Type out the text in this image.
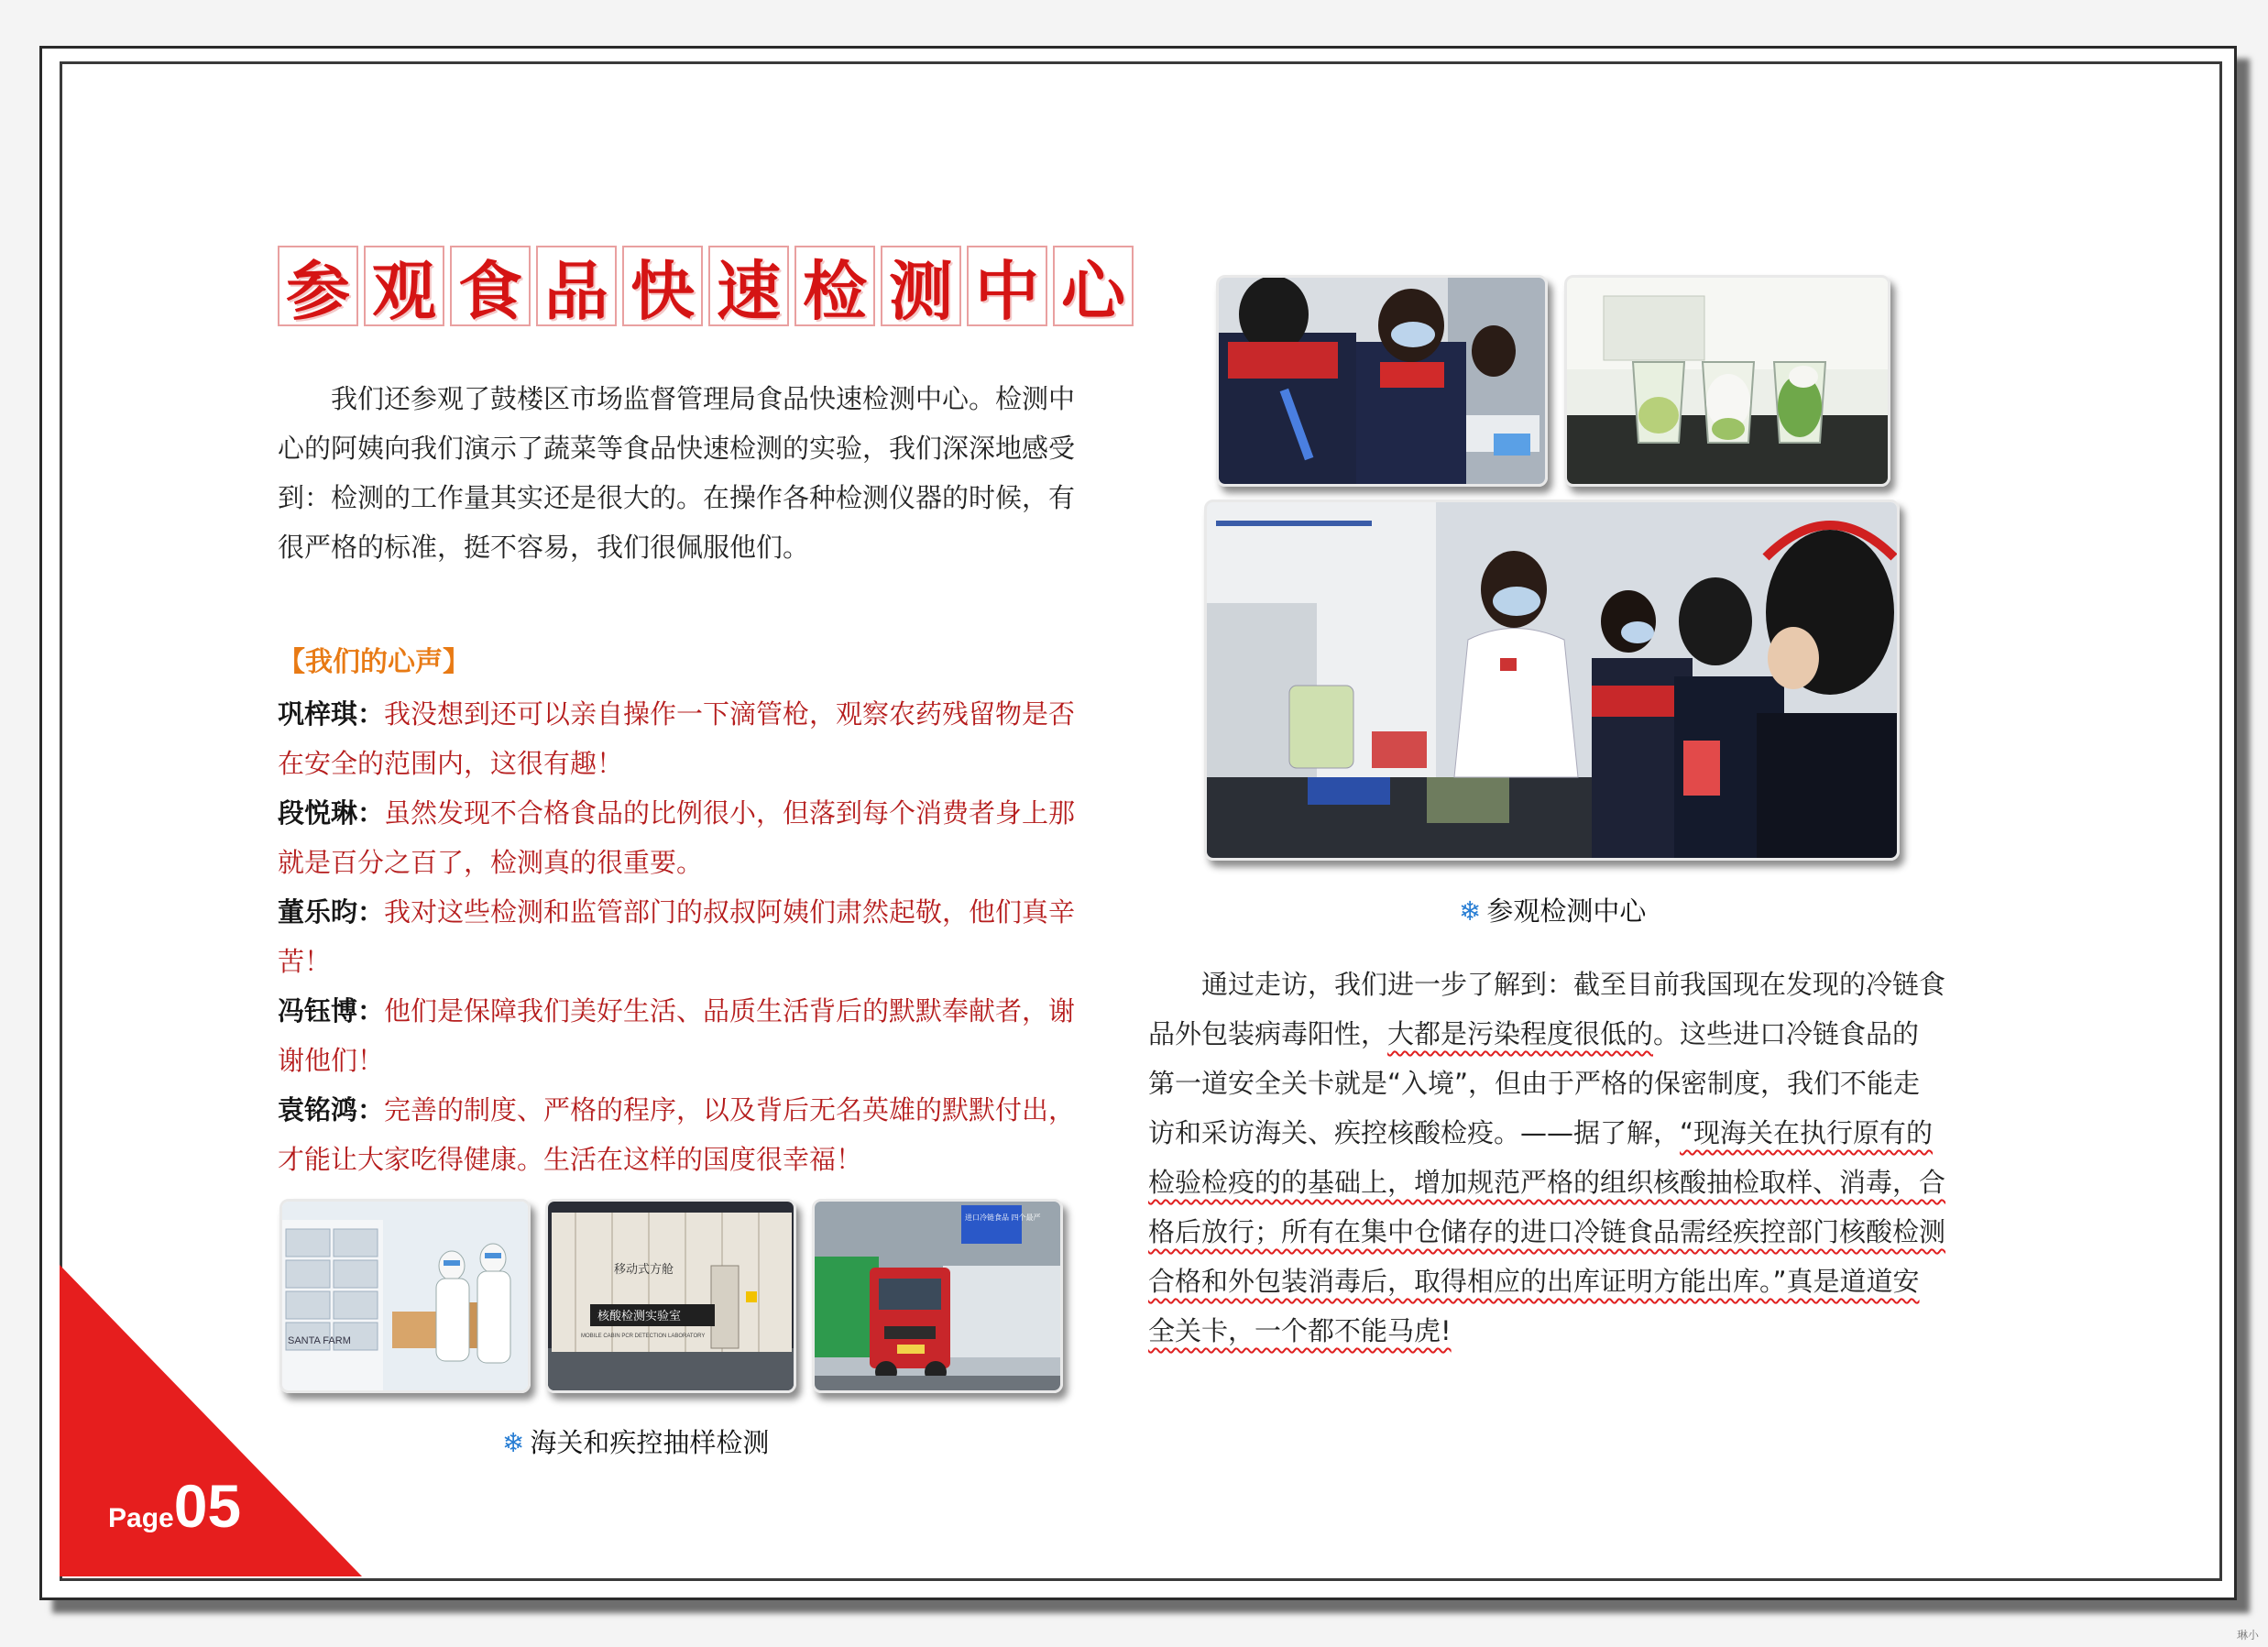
Page05
参 观 食 品 快 速 检 测 中 心

我们还参观了鼓楼区市场监督管理局食品快速检测中心。检测中心的阿姨向我们演示了蔬菜等食品快速检测的实验，我们深深地感受到：检测的工作量其实还是很大的。在操作各种检测仪器的时候，有很严格的标准，挺不容易，我们很佩服他们。

【我们的心声】

巩梓琪：我没想到还可以亲自操作一下滴管枪，观察农药残留物是否在安全的范围内，这很有趣！

段悦琳：虽然发现不合格食品的比例很小，但落到每个消费者身上那就是百分之百了，检测真的很重要。

董乐昀：我对这些检测和监管部门的叔叔阿姨们肃然起敬，他们真辛苦！

冯钰博：他们是保障我们美好生活、品质生活背后的默默奉献者，谢谢他们！

袁铭鸿：完善的制度、严格的程序，以及背后无名英雄的默默付出，才能让大家吃得健康。生活在这样的国度很幸福！

SANTA FARM
移动式方舱
核酸检测实验室
MOBILE CABIN PCR DETECTION LABORATORY
进口冷链食品 四个最严
❄ 海关和疾控抽样检测
❄ 参观检测中心

通过走访，我们进一步了解到：截至目前我国现在发现的冷链食品外包装病毒阳性，大都是污染程度很低的。这些进口冷链食品的第一道安全关卡就是“入境”，但由于严格的保密制度，我们不能走访和采访海关、疾控核酸检疫。——据了解，“现海关在执行原有的检验检疫的的基础上，增加规范严格的组织核酸抽检取样、消毒，合格后放行；所有在集中仓储存的进口冷链食品需经疾控部门核酸检测合格和外包装消毒后，取得相应的出库证明方能出库。”真是道道安全关卡，一个都不能马虎!

琳小
